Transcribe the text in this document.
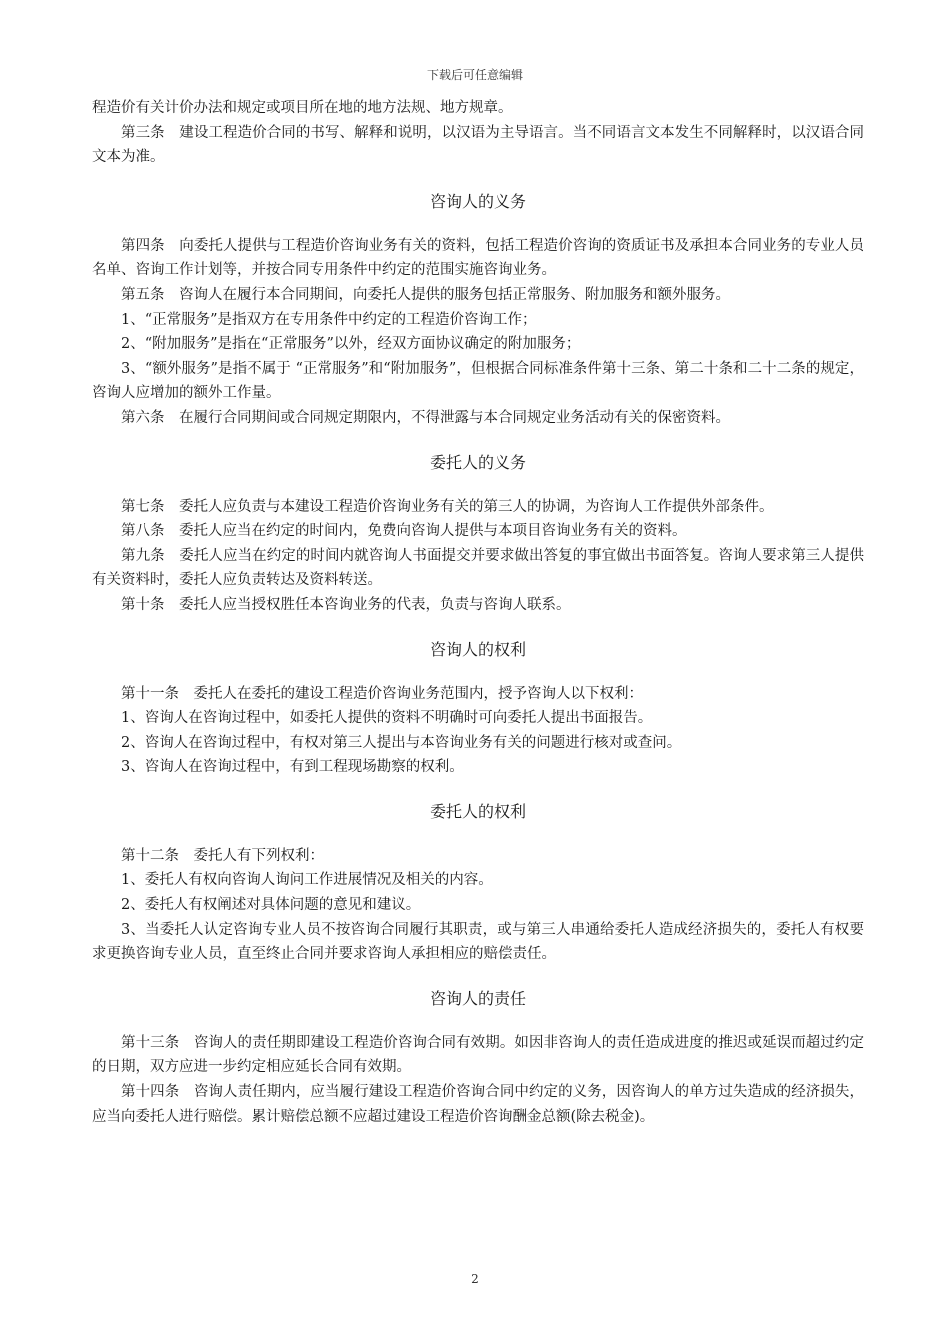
下载后可任意编辑

程造价有关计价办法和规定或项目所在地的地方法规、地方规章。

第三条　建设工程造价合同的书写、解释和说明，以汉语为主导语言。当不同语言文本发生不同解释时，以汉语合同文本为准。

咨询人的义务

第四条　向委托人提供与工程造价咨询业务有关的资料，包括工程造价咨询的资质证书及承担本合同业务的专业人员名单、咨询工作计划等，并按合同专用条件中约定的范围实施咨询业务。

第五条　咨询人在履行本合同期间，向委托人提供的服务包括正常服务、附加服务和额外服务。

1、“正常服务”是指双方在专用条件中约定的工程造价咨询工作；

2、“附加服务”是指在“正常服务”以外，经双方面协议确定的附加服务；

3、“额外服务”是指不属于 “正常服务”和“附加服务”，但根据合同标准条件第十三条、第二十条和二十二条的规定，咨询人应增加的额外工作量。

第六条　在履行合同期间或合同规定期限内，不得泄露与本合同规定业务活动有关的保密资料。

委托人的义务

第七条　委托人应负责与本建设工程造价咨询业务有关的第三人的协调，为咨询人工作提供外部条件。

第八条　委托人应当在约定的时间内，免费向咨询人提供与本项目咨询业务有关的资料。

第九条　委托人应当在约定的时间内就咨询人书面提交并要求做出答复的事宜做出书面答复。咨询人要求第三人提供有关资料时，委托人应负责转达及资料转送。

第十条　委托人应当授权胜任本咨询业务的代表，负责与咨询人联系。

咨询人的权利

第十一条　委托人在委托的建设工程造价咨询业务范围内，授予咨询人以下权利：

1、咨询人在咨询过程中，如委托人提供的资料不明确时可向委托人提出书面报告。

2、咨询人在咨询过程中，有权对第三人提出与本咨询业务有关的问题进行核对或查问。

3、咨询人在咨询过程中，有到工程现场勘察的权利。

委托人的权利

第十二条　委托人有下列权利：

1、委托人有权向咨询人询问工作进展情况及相关的内容。

2、委托人有权阐述对具体问题的意见和建议。

3、当委托人认定咨询专业人员不按咨询合同履行其职责，或与第三人串通给委托人造成经济损失的，委托人有权要求更换咨询专业人员，直至终止合同并要求咨询人承担相应的赔偿责任。

咨询人的责任

第十三条　咨询人的责任期即建设工程造价咨询合同有效期。如因非咨询人的责任造成进度的推迟或延误而超过约定的日期，双方应进一步约定相应延长合同有效期。

第十四条　咨询人责任期内，应当履行建设工程造价咨询合同中约定的义务，因咨询人的单方过失造成的经济损失，应当向委托人进行赔偿。累计赔偿总额不应超过建设工程造价咨询酬金总额(除去税金)。

2
